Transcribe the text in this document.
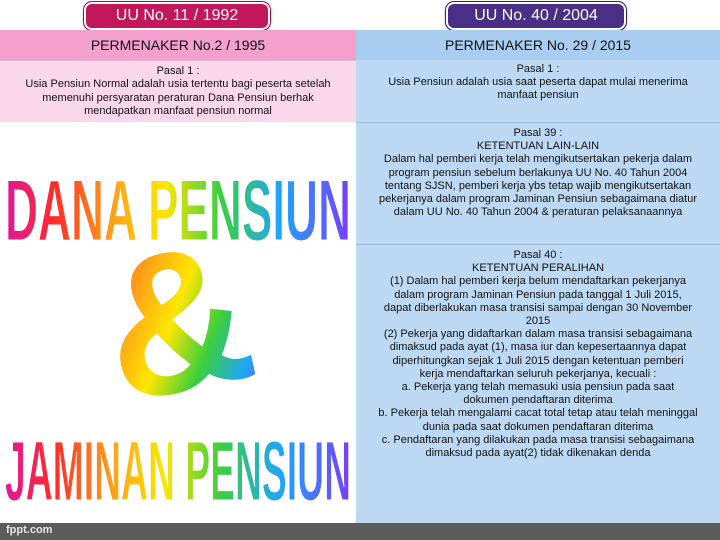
UU No. 11 / 1992	UU No. 40 / 2004
PERMENAKER No.2 / 1995
Pasal 1 :
Usia Pensiun Normal adalah usia tertentu bagi peserta setelah
memenuhi persyaratan peraturan Dana Pensiun berhak
mendapatkan manfaat pensiun normal
DANA PENSIUN
&
JAMINAN PENSIUN
PERMENAKER No. 29 / 2015
Pasal 1 :
Usia Pensiun adalah usia saat peserta dapat mulai menerima
manfaat pensiun
Pasal 39 :
KETENTUAN LAIN-LAIN
Dalam hal pemberi kerja telah mengikutsertakan pekerja dalam
program pensiun sebelum berlakunya UU No. 40 Tahun 2004
tentang SJSN, pemberi kerja ybs tetap wajib mengikutsertakan
pekerjanya dalam program Jaminan Pensiun sebagaimana diatur
dalam UU No. 40 Tahun 2004 & peraturan pelaksanaannya
Pasal 40 :
KETENTUAN PERALIHAN
(1) Dalam hal pemberi kerja belum mendaftarkan pekerjanya
dalam program Jaminan Pensiun pada tanggal 1 Juli 2015,
dapat diberlakukan masa transisi sampai dengan 30 November
2015
(2) Pekerja yang didaftarkan dalam masa transisi sebagaimana
dimaksud pada ayat (1), masa iur dan kepesertaannya dapat
diperhitungkan sejak 1 Juli 2015 dengan ketentuan pemberi
kerja mendaftarkan seluruh pekerjanya, kecuali :
a. Pekerja yang telah memasuki usia pensiun pada saat
dokumen pendaftaran diterima
b. Pekerja telah mengalami cacat total tetap atau telah meninggal
dunia pada saat dokumen pendaftaran diterima
c. Pendaftaran yang dilakukan pada masa transisi sebagaimana
dimaksud pada ayat(2) tidak dikenakan denda
fppt.com
